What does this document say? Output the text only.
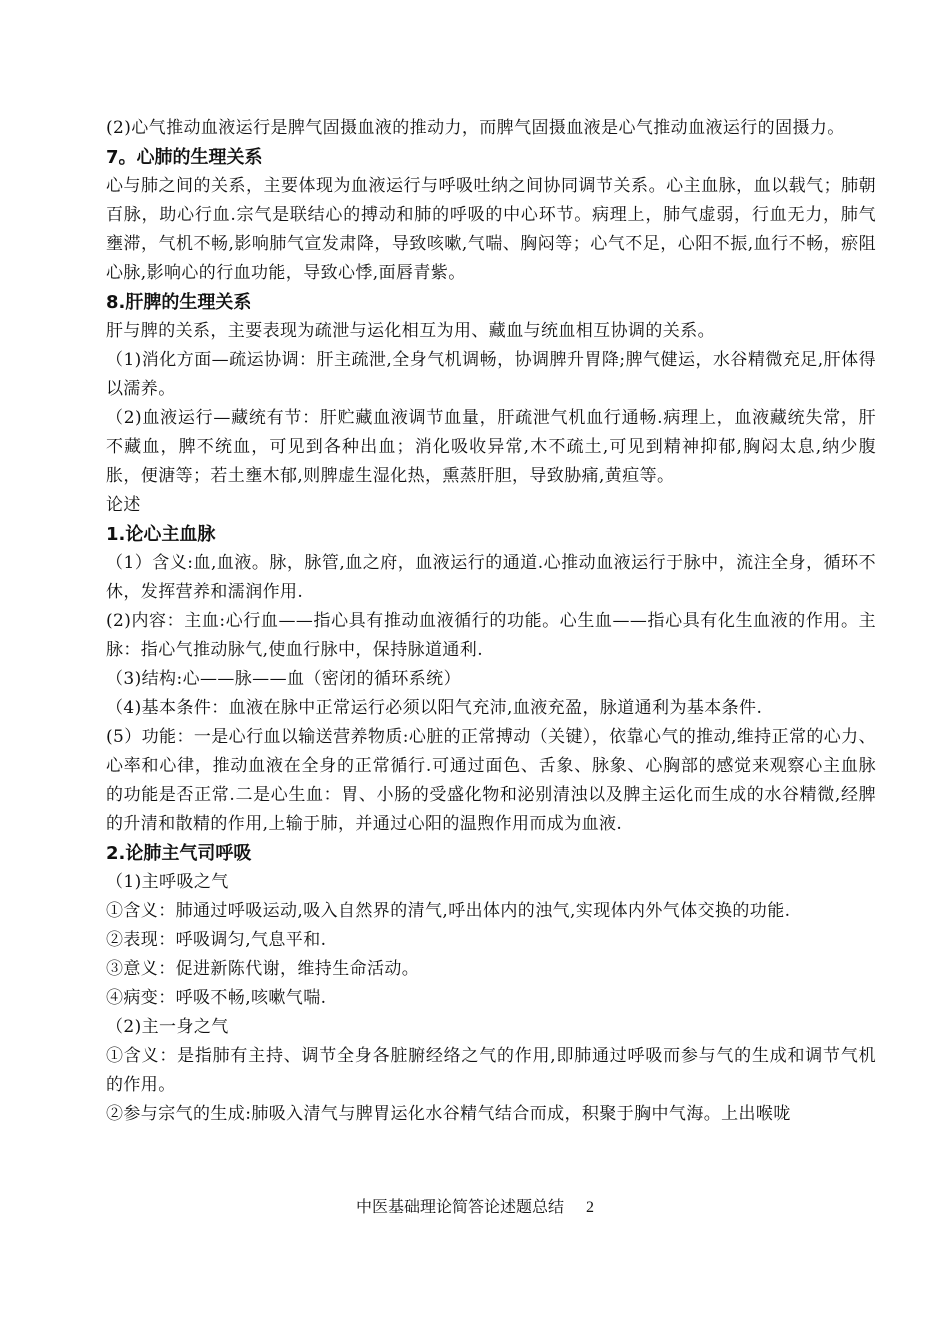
(2)心气推动血液运行是脾气固摄血液的推动力，而脾气固摄血液是心气推动血液运行的固摄力。
7。心肺的生理关系
心与肺之间的关系，主要体现为血液运行与呼吸吐纳之间协同调节关系。心主血脉，血以载气；肺朝百脉，助心行血.宗气是联结心的搏动和肺的呼吸的中心环节。病理上，肺气虚弱，行血无力，肺气壅滞，气机不畅,影响肺气宣发肃降，导致咳嗽,气喘、胸闷等；心气不足，心阳不振,血行不畅，瘀阻心脉,影响心的行血功能，导致心悸,面唇青紫。
8.肝脾的生理关系
肝与脾的关系，主要表现为疏泄与运化相互为用、藏血与统血相互协调的关系。
（1)消化方面—疏运协调：肝主疏泄,全身气机调畅，协调脾升胃降;脾气健运，水谷精微充足,肝体得以濡养。
（2)血液运行—藏统有节：肝贮藏血液调节血量，肝疏泄气机血行通畅.病理上，血液藏统失常，肝不藏血，脾不统血，可见到各种出血；消化吸收异常,木不疏土,可见到精神抑郁,胸闷太息,纳少腹胀，便溏等；若土壅木郁,则脾虚生湿化热，熏蒸肝胆，导致胁痛,黄疸等。
论述
1.论心主血脉
（1）含义:血,血液。脉，脉管,血之府，血液运行的通道.心推动血液运行于脉中，流注全身，循环不休，发挥营养和濡润作用.
(2)内容：主血:心行血——指心具有推动血液循行的功能。心生血——指心具有化生血液的作用。主脉：指心气推动脉气,使血行脉中，保持脉道通利.
（3)结构:心——脉——血（密闭的循环系统）
（4)基本条件：血液在脉中正常运行必须以阳气充沛,血液充盈，脉道通利为基本条件.
(5）功能：一是心行血以输送营养物质:心脏的正常搏动（关键），依靠心气的推动,维持正常的心力、心率和心律，推动血液在全身的正常循行.可通过面色、舌象、脉象、心胸部的感觉来观察心主血脉的功能是否正常.二是心生血：胃、小肠的受盛化物和泌别清浊以及脾主运化而生成的水谷精微,经脾的升清和散精的作用,上输于肺，并通过心阳的温煦作用而成为血液.
2.论肺主气司呼吸
（1)主呼吸之气
①含义：肺通过呼吸运动,吸入自然界的清气,呼出体内的浊气,实现体内外气体交换的功能.
②表现：呼吸调匀,气息平和.
③意义：促进新陈代谢，维持生命活动。
④病变：呼吸不畅,咳嗽气喘.
（2)主一身之气
①含义：是指肺有主持、调节全身各脏腑经络之气的作用,即肺通过呼吸而参与气的生成和调节气机的作用。
②参与宗气的生成:肺吸入清气与脾胃运化水谷精气结合而成，积聚于胸中气海。上出喉咙
中医基础理论简答论述题总结 2
